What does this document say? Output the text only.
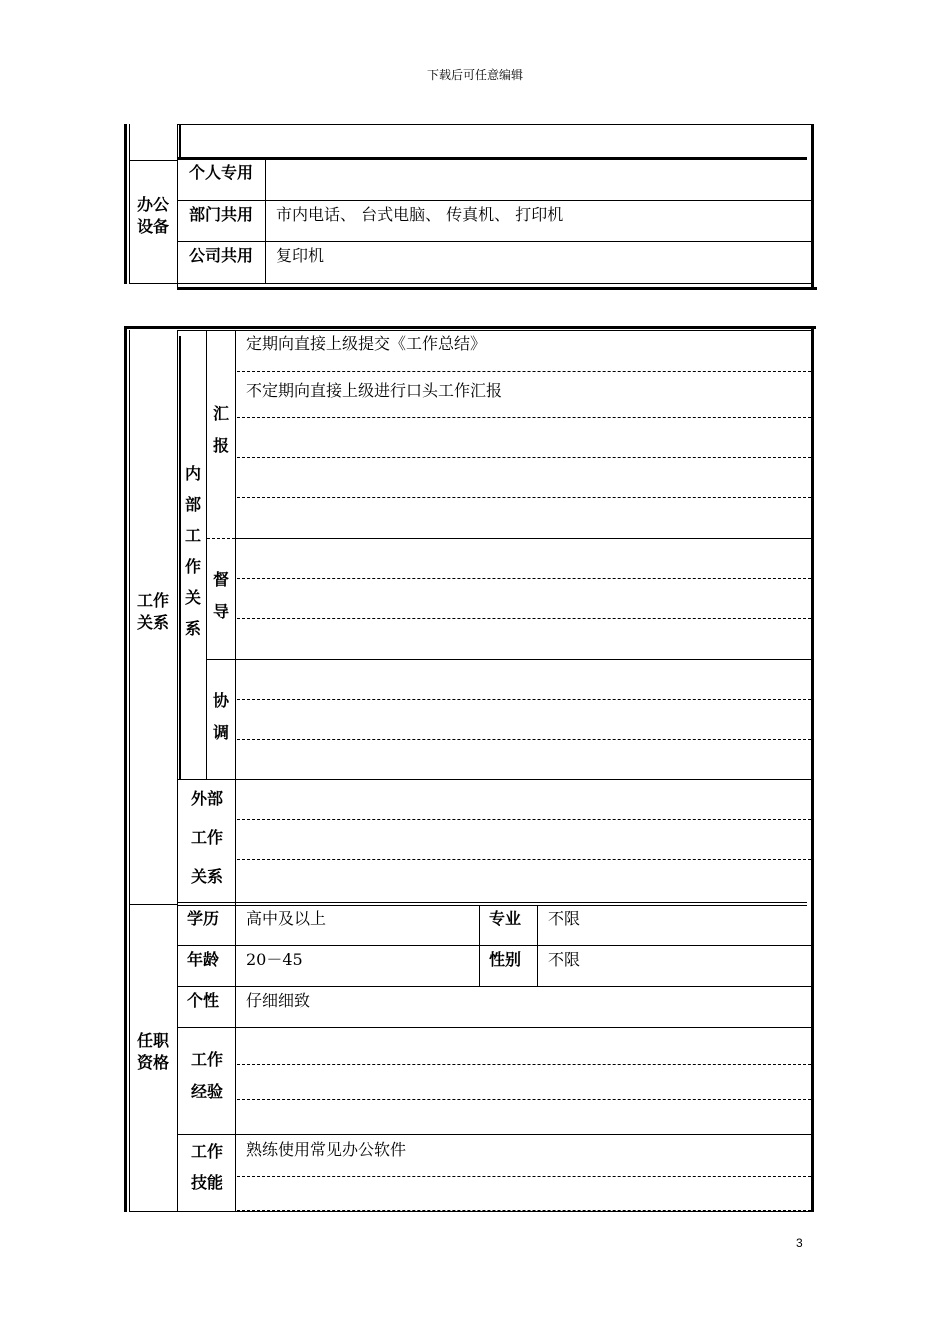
下载后可任意编辑
办公设备
个人专用
部门共用 市内电话、 台式电脑、 传真机、 打印机
公司共用 复印机
工作关系
内部工作关系
汇报
督导
协调
定期向直接上级提交《工作总结》
不定期向直接上级进行口头工作汇报
外部
工作
关系
任职资格
学历 高中及以上	专业 不限
年龄 20－45	性别 不限
个性 仔细细致
工作
经验
工作
技能
熟练使用常见办公软件
3
